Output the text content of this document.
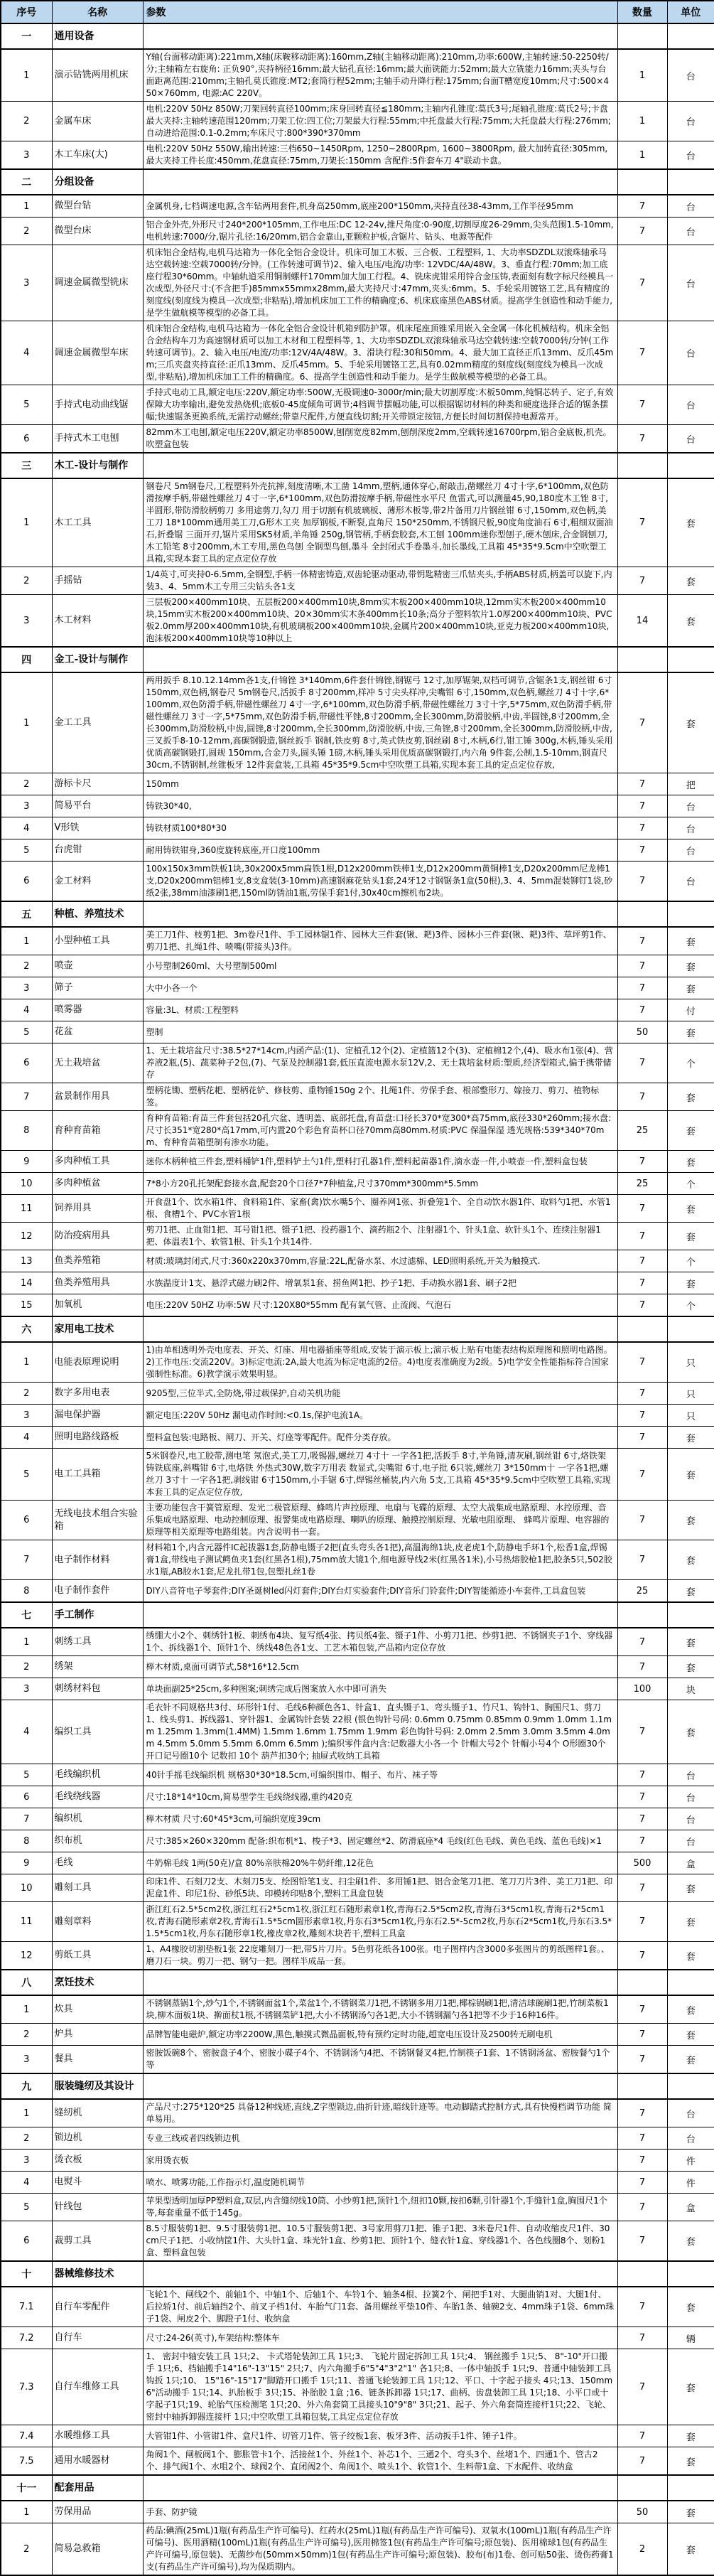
序号	名称	参数	数量	单位
一	通用设备			
1	演示钻铣两用机床	Y轴(台面移动距离):221mm,X轴(床鞍移动距离):160mm,Z轴(主轴移动距离):210mm,功率:600W,主轴转速:50-2250转/分;主轴箱左右旋角: 正负90°,夹持柄径16mm;最大钻孔直径:16mm;最大面铣能力:52mm;最大立铣能力16mm;夹头与台面距离范围:210mm;主轴孔莫氏锥度:MT2;套筒行程52mm;主轴手动升降行程:175mm;台面T槽宽度10mm;尺寸:500×450×760mm, 电源:AC 220V。	1	台
2	金属车床	电机:220V 50Hz 850W;刀架回转直径100mm;床身回转直径≦180mm;主轴内孔锥度:莫氏3号;尾轴孔锥度:莫氏2号;卡盘最大夹持:主轴转速范围120mm;刀架工位:四工位;刀架最大行程:55mm;中托盘最大行程:75mm;大托盘最大行程:276mm;自动进给范围:0.1-0.2mm;车床尺寸:800*390*370mm	1	台
3	木工车床(大)	电机:220V 50Hz 550W,输出转速:三档650~1450Rpm, 1250~2800Rpm, 1600~3800Rpm, 最大加转直径:305mm,最大夹持工件长度:450mm,花盘直径:75mm,刀架长:150mm 含配件:5件套车刀 4"联动卡盘。	1	台
二	分组设备			
1	微型台钻	金属机身,七档调速电源,含车钻两用套件,机身高250mm,底座200*150mm,夹持直径38-43mm,工作半径95mm	7	台
2	微型台床	铝合金外壳,外形尺寸240*200*105mm,工作电压:DC 12-24v,推尺角度:0-90度,切割厚度26-29mm,尖头范围1.5-10mm,电机转速:7000/分,锯片孔径:16/20mm,铝合金靠山,亚颗粒护板,含锯片、钻头、电源等配件	7	台
3	调速金属微型铣床	机床铝合金结构,电机马达箱为一体化全铝合金设计。机床可加工木板、三合板、工程塑料, 1、大功率SDZDL双滚珠轴承马达空载转速:空载7000转/分钟。(工作转速可调节)2、输入电压/电流/功率: 12VDC/4A/48W。3、垂直行程:70mm;加工底座行程30*60mm。中轴轨道采用铜制螺杆170mm加大加工行程。4、铣床虎钳采用锌合金压铸,表面刻有数字标尺经模具一次成型,外径尺寸:(不含把手)85mmx55mmx28mm,最大夹持尺寸:47mm,夹头:6mm。5、手轮采用镀铬工艺,具有精度的刻度线(刻度线为模具一次成型;非粘贴),增加机床加工工件的精确度;6、机床底座黑色ABS材质。提高学生创造性和动手能力,是学生做航模等模型的必备工具。	7	台
4	调速金属微型车床	机床铝合金结构,电机马达箱为一体化全铝合金设计机箱到防护罩。机床尾座顶锥采用嵌入全金属一体化机械结构。机床全铝合金结构车刀为高速钢材质可以加工木材和工程塑料等, 1、大功率SDZDL双滚珠轴承马达空载转速:空载7000转/分钟(工作转速可调节)。2、输入电压/电流/功率:12V/4A/48W。3、滑块行程:30和50mm。4、最大加工直径正爪13mm、反爪45mm;三爪夹盘夹持直径:正爪13mm、反爪45mm。5、手轮采用镀铬工艺,具有0.02mm精度的刻度线(刻度线为模具一次成型,非粘贴),增加机床加工工件的精确度。6、提高学生创造性和动手能力。是学生做航模等模型的必备工具。	7	台
5	手持式电动曲线锯	手持式电动工具,额定电压:220V,额定功率:500W,无极调速0-3000r/min;最大切割厚度:木板50mm,纯铜芯转子、定子,有效保障大功率输出,避免发热烧机;底板0-45度倾角可调节;4档调节摆幅功能,可以根据锯切材料的种类和硬度选择合适的锯条摆幅;快速锯条更换系统,无需拧动螺丝;带靠尺配件,方便直线切割;开关带锁定按钮,方便长时间切割保持电源常开。	7	台
6	手持式木工电刨	82mm木工电刨,额定电压220V,额定功率8500W,刨削宽度82mm,刨削深度2mm,空载转速16700rpm,铝合金底板,机壳。吹塑盒包装	7	台
三	木工-设计与制作			
1	木工工具	钢卷尺 5m钢卷尺,工程塑料外壳抗摔,刻度清晰,木工凿 14mm,塑柄,通体穿心,耐敲击,凿螺丝刀 4寸十字,6*100mm,双色防滑按摩手柄,带磁性螺丝刀 4寸一字,6*100mm,双色防滑按摩手柄,带磁性水平尺 鱼雷式,可以测量45,90,180度木工锉 8寸,半圆形,带防滑胶柄剪刀 多用途剪刀,勾刀 用于切割有机玻璃板、薄形木板等,带2片备用刀片钢丝钳 6寸,150mm,双色柄,美工刀 18*100mm通用美工刀,G形木工夹 加厚钢板,不断裂,直角尺 150*250mm,不锈钢尺板,90度角度油石 6寸,粗细双面油石,折叠锯 三面开刃,锯片采用SK5材质,羊角锤 250g,钢管柄,手柄套胶套,木工刨 100mm迷你型刨子,硬木刨床,合金钢刨刀,木工铅笔 8寸200mm,木工专用,黑色鸟刨 全钢型鸟刨,墨斗 全封闭式手卷墨斗,加长墨线,工具箱 45*35*9.5cm中空吹塑工具箱,实现本套工具的定点定位存放	7	套
2	手摇钻	1/4英寸,可夹持0-6.5mm,全钢型,手柄一体精密铸造,双齿轮驱动驱动,带钥匙精密三爪钻夹头,手柄ABS材质,柄盖可以旋下,内装3、4、5mm木工专用三尖钻头各1支	7	套
3	木工材料	三层板200×400mm10块、五层板200×400mm10块,8mm实木板200×400mm10块,12mm实木板200×400mm10块,15mm实木板200×400mm10块、20×30mm实木条400mm长10条;高分子塑料软片1.0厚200×400mm10块、PVC板2.0mm厚200×400mm10块,有机玻璃板200×400mm10块,金属片200×400mm10块,亚克力板200×400mm10块,泡沫板200×400mm10块等10种以上	14	套
四	金工-设计与制作			
1	金工工具	两用扳手 8.10.12.14mm各1支,什锦锉 3*140mm,6件套什锦锉,钢锯弓 12寸,加厚锯架,双档可调节,含锯条1支,钢丝钳 6寸150mm,双色柄,钢卷尺 5m钢卷尺,活扳手 8寸200mm,样冲 5寸尖头样冲,尖嘴钳 6寸,150mm,双色柄,螺丝刀 4寸十字,6*100mm,双色防滑手柄,带磁性螺丝刀 4寸一字,6*100mm,双色防滑手柄,带磁性螺丝刀 3寸十字,5*75mm,双色防滑手柄,带磁性螺丝刀 3寸一字,5*75mm,双色防滑手柄,带磁性平锉,8寸200mm,全长300mm,防滑胶柄,中齿,半圆锉,8寸200mm,全长300mm,防滑胶柄,中齿,圆锉,8寸200mm,全长300mm,防滑胶柄,中齿,三角锉,8寸200mm,全长300mm,防滑胶柄,中齿,三叉扳手8-10-12mm,高碳钢锻造,钢丝扳手 钢制,铁皮剪 8寸,英式铁皮剪,钢丝刷 8寸,木柄,6行,钳工锤 300g,木柄,锤头采用优质高碳钢锻打,圆规 150mm,合金刀头,圆头锤 1磅,木柄,锤头采用优质高碳钢锻打,内六角 9件套,公制,1.5-10mm,钢直尺 30cm,不锈钢制,丝锥板牙 12件套盒装,工具箱 45*35*9.5cm中空吹塑工具箱,实现本套工具的定点定位存放,	7	套
2	游标卡尺	150mm	7	把
3	简易平台	铸铁30*40,	7	台
4	V形铁	铸铁材质100*80*30	7	台
5	台虎钳	耐用铸铁钳身,360度旋转底座,开口度100mm	7	台
6	金工材料	100x150x3mm铁板1块,30x200x5mm扁铁1根,D12x200mm铁棒1支,D12x200mm黄铜棒1支,D20x200mm尼龙棒1支,D20x200mm铝棒1支,8支盒装(3-10mm)高速钢麻花钻头1套,24牙12寸钢锯条1盒(50根),3、4、5mm混装铆钉1袋,砂纸2张,38mm油漆刷1把,150ml防锈油1瓶,劳保手套1付,30x40cm擦机布2块。	7	台
五	种植、养殖技术			
1	小型种植工具	美工刀1件、枝剪1把、3m卷尺1件、手工园林锯1件、园林大三件套(锹、耙)3件、园林小三件套(锹、耙)3件、草坪剪1件、剪刀1把、扎绳1件、喷嘴(带接头)3件。	7	套
2	喷壶	小号塑制260ml、大号塑制500ml	7	套
3	筛子	大中小各一个	7	套
4	喷雾器	容量:3L、材质:工程塑料	7	付
5	花盆	塑制	50	套
6	无土栽培盆	1、无土栽培盆尺寸:38.5*27*14cm,内函产品:(1)、定植孔12个(2)、定植篮12个(3)、定植棉12个,(4)、吸水布1张(4)、营养液2瓶,(5)、蔬菜种子2包,(7)、气泵及控制器1套,低压直流电源水泵12V,2、无土栽培盆材质:塑质,经济型箱式,偏于携带储存	7	个
7	盆景制作用具	塑柄花锄、塑柄花耙、塑柄花铲、修枝剪、重物锤150g 2个、扎绳1件、劳保手套、根部整形刀、嫁接刀、剪刀、植物标签。	7	套
8	育种育苗箱	育种育苗箱:育苗三件套包括20孔穴盆、透明盖、底部托盘,育苗盘:口径长370*宽300*高75mm,底径330*260mm;接水盘:尺寸长351*宽280*高17mm,可内置20个彩色育苗杯口径70mm高80mm.材质:PVC 保温保湿 透光规格:539*340*70mm、育种育苗箱塑制有渗水功能。	25	套
9	多肉种植工具	迷你木柄种植三件套,塑料桶铲1件,塑料铲土勺1件,塑料打孔器1件,塑料起苗器1件,滴水壶一件,小喷壶一件,塑料盒包装	7	套
10	多肉种植盆	7*8小方20孔托架配套接水盘,配套20个口径7*7种植盆,尺寸370mm*300mm*5.5mm	25	个
11	饲养用具	开食盘1个、饮水箱1件、食料箱1件、家畜(禽)饮水嘴5个、圈养网1张、折叠笼1个、全自动饮水器1件、取料勺1把、水管1根、食槽1个、PVC水管1根	7	套
12	防治疫病用具	剪刀1把、止血钳1把、耳号钳1把、镊子1把、投药器1个、滴药瓶2个、注射器1个、针头1盒、软针头1个、连续注射器1把、体温表1个、软管1根、针头1个共14件.	7	套
13	鱼类养殖箱	材质:玻璃封闭式,尺寸:360x220x370mm,容量:22L,配备水泵、水过滤棉、LED照明系统,开关为触摸式.	7	个
14	鱼类养殖用具	水族温度计1支、悬浮式磁力刷2件、增氧泵1套、捞鱼网1把、抄子1把、手动换水器1套、刷子2把	7	套
15	加氧机	电压:220V 50HZ 功率:5W 尺寸:120X80*55mm 配有氧气管、止流阀、气泡石	7	个
六	家用电工技术			
1	电能表原理说明	1)由单相透明外壳电度表、开关、灯座、用电器插座等组成,安装于演示板上;演示板上贴有电能表结构原理图和照明电路图。2)工作电压:交流220V。3)标定电流:2A,最大电流为标定电流的2倍。4)电度表准确度为2级。5)电学安全性能指标符合国家强制性标准。6)教学演示效果明显。	7	只
2	数字多用电表	9205型,三位半式,全防烧,带过载保护,自动关机功能	7	只
3	漏电保护器	额定电压:220V 50Hz 漏电动作时间:<0.1s,保护电流1A。	7	只
4	照明电路线路板	塑料盒包装:电路板、闸刀、开关、灯座等零配件。配件分类存放。	7	套
5	电工工具箱	5米钢卷尺,电工胶带,测电笔 氖泡式,美工刀,吸锡器,螺丝刀 4寸十 一字各1把,活扳手 8寸,羊角锤,清灰刷,钢丝钳 6寸,烙铁架 铸铁底座,斜嘴钳 6寸,电烙铁 外热式30W,数字万用表 数显式,尖嘴钳 6寸,电子批 6只装,螺丝刀 3*150mm十 一字各1把,螺丝刀 3寸十 一字各1把,剥线钳 6寸150mm,小手锯 6寸,焊锡丝桶装,内六角 5支,工具箱 45*35*9.5cm中空吹塑工具箱,实现本套工具的定点定位存放,	7	套
6	无线电技术组合实验箱	主要功能包含干簧管原理、发光二极管原理、蜂鸣片声控原理、电扇与飞碟的原理、太空大战集成电路原理、水控原理、音乐集成电路原理、电动控制原理、报警集成电路原理、喇叭的原理、触摸控制原理、光敏电阻原理、 蜂鸣片原理、电容器的原理等相关原理等电路组装。内含说明书一套。	7	套
7	电子制作材料	材料箱1个,内含元器件IC起拔器1套,防静电镊子2把(直头弯头各1把),高温海绵1块,皮老虎1个,防静电手环1个,松香1盒,焊锡膏1盒,带线电子测试鳄鱼夹1套(红黑各1根),75mm放大镜1个,细电源导线2米(红黑各1米),小号热熔胶枪1把,胶条5只,502胶水1瓶,AB胶水1套,尼龙扎带1包,包塑扎丝1卷	7	套
8	电子制作套件	DIY八音符电子琴套件;DIY圣诞树led闪灯套件;DIY台灯实验套件;DIY音乐门铃套件;DIY智能循迹小车套件,工具盒包装	25	套
七	手工制作			
1	刺绣工具	绣绷大小2个、刺绣针1板、刺绣布4块、复写纸4张、拷贝纸4张、镊子1件、小剪刀1把、纱剪1把、不锈钢夹子1个、穿线器1个、拆线器1个、顶针1个、绣线48色各1支、工艺木箱包装,产品箱内定位存放	7	套
2	绣架	榉木材质,桌面可调节式,58*16*12.5cm	7	套
3	刺绣材料包	单块面副25*25cm,多种图案;刺绣完成后图案放入水中即可消失	100	块
4	编织工具	毛衣针不同规格共3付、环形针1付、毛线6种颜色各1、针盒1、直头镊子1、弯头镊子1、竹尺1、钩针1、胸围尺1、剪刀1、线头剪1、拆线器1、穿针器1、金属钩针套装 22根 (银色钩针号码: 0.6mm 0.75mm 0.85mm 0.9mm 1.0mm 1.1mm 1.25mm 1.3mm(1.4MM) 1.5mm 1.6mm 1.75mm 1.9mm 彩色钩针号码: 2.0mm 2.5mm 3.0mm 3.5mm 4.0mm 4.5mm 5.0mm 5.5mm 6.0mm 6.5mm );编织零件盒内含:记数器大小各一个 针帽大号2个 针帽小号4个 O形圈30个 开口记号圈10个 记数扣 10个 葫芦扣30个; 抽屉式收纳工具箱	7	套
5	毛线编织机	40针手摇毛线编织机 规格30*30*18.5cm,可编织围巾、帽子、布片、袜子等	7	台
6	毛线绕线器	尺寸:18*14*10cm,简易型学生毛线绕线器,重约420克	7	台
7	编织机	榉木材质 尺寸:60*45*3cm,可编织宽度39cm	7	台
8	织布机	尺寸:385×260×320mm 配备:织布机*1、梭子*3、固定螺丝*2、防滑底座*4 毛线(红色毛线、黄色毛线、蓝色毛线)×1	7	台
9	毛线	牛奶棉毛线 1两(50克)/盒 80%亲肤棉20%牛奶纤维,12花色	500	盒
10	雕刻工具	印床1件、石刻刀2支、木刻刀5支、绘图铅笔1支、扫尘刷1件、多用锤1把、铝合金笔刀1把、笔刀刀片3件、美工刀1把、印泥盒1件、印尼1份、砂纸5块、印模转印贴8个,塑料工具盒包装	7	套
11	雕刻章料	浙江红石2.5*5cm2枚,浙江红石2*5cm1枚,浙江红石随形素章1枚,青海石2.5*5cm2枚,青海石3*5cm1枚,青海石2*5cm1枚,青海石随形素章2枚,青海石1.5*5cm圆形素章1枚,丹东石3*5cm1枚,丹东石2.5*-5cm2枚,丹东石2*5cm1枚,丹东石3.5*1.5*5cm1枚,丹东石随形章1枚,橡皮章2枚,雕刻木块若干,塑料工具盒	7	套
12	剪纸工具	1、A4橡胶切割垫板1张 22度雕刻刀一把,带5片刀片。5色剪花纸各100张。电子图样内含3000多张图片的剪纸图样1套。、磨刀石一块。剪刀一把、钢勺一把。图样半成品一套。	7	套
八	烹饪技术			
1	炊具	不锈钢蒸锅1个,炒勺1个,不锈钢面盆1个,菜盆1个,不锈钢菜刀1把,不锈钢多用刀1把,椰棕锅刷1把,清洁球碗刷1把,竹制菜板1块,柳木面板1块、擀面杖1根,不锈钢菜铲1把,大小不锈钢汤勺各1把,大小不锈钢漏勺各1把等不少于16种16件。	7	套
2	炉具	品牌智能电磁炉,额定功率2200W,黑色,触摸式微晶面板,特有预约定时功能,超宽电压设计及2500转无刷电机	7	套
3	餐具	密胺饭碗8个、密胺盘子4个、密胺小碟子4个、不锈钢汤勺4把、不锈钢餐叉4把,竹制筷子1套、1不锈钢汤盆、密胺餐勺1个等	7	套
九	服装缝纫及其设计			
1	缝纫机	产品尺寸:275*120*25 具备12种线迹,直线,Z字型锁边,曲折针迹,暗线针迹等。电动脚踏式控制方式,具有快慢档调节功能 简单易用。	7	台
2	锁边机	专业三线或者四线锁边机	7	台
3	烫衣板	家用烫衣板	7	件
4	电熨斗	喷水、喷雾功能,工作指示灯,温度随机调节	7	件
5	针线包	苹果型透明加厚PP塑料盒,双层,内含缝纫线10筒、小纱剪1把,顶针1个,纽扣10颗,按扣6颗,引针器1个,手缝针1盒,胸围尺1个等,每套重量不低于145g。	7	盒
6	裁剪工具	8.5寸服装剪1把、9.5寸服装剪1把、10.5寸服装剪1把、3号家用剪刀1把、锥子1把、3米卷尺1件、自动收缩皮尺1件、30cm尺子1把、小收纳筐1件、大头针1盒、珠光针1盒、纱剪1把、顶针1个、缝衣针1盒、穿线器1个、各色线圈8个、划粉1盒、塑料盒包装	7	套
十	器械维修技术			
7.1	自行车零配件	飞轮1个、闸线2个、前轴1个、中轴1个、后轴1个、车铃1个、轴条4根、拉簧2个、闸把手1对、大腿曲销1对、大腿1付、后拉轿1付、前后轴挡2个、前叉子档1付、车胎气门1套、备用螺丝平垫10件、车胎1条、轴碗2支、4mm珠子1袋、6mm珠子1袋、闸皮2个、脚蹬子1付、收纳盒	7	套
7.2	自行车	尺寸:24-26(英寸),车架结构:整体车	7	辆
7.3	自行车维修工具	1、 密封中轴安装工具 1只;2、 卡式塔轮装卸工具 1只;3、 飞轮片固定拆卸工具 1只;4、 钢丝搬手 1只;5、 8"-10"开口搬手 1只;6、档轴搬手14"16"-13"15" 2只;7、内六角搬手6"5"4"3"2"1" 各1只;8、一体中轴扳手 1只;9、普通中轴装卸工具钩扳 1只;10、 15"16"-15"17"脚踏开口搬手 1只;11、普通飞轮装卸工具 1只;12、平口、十字起子接头 4只;13、150mm6"活动搬手 1只;14、扒胎板手 3只;15、补胎胶 1盒 ;16、链条拆卸器 1只;17、曲柄、齿盘装卸工具 1只;18、小平口或十字起子1只;19、轮胎气压检测笔 1只;20、外六角套筒工具接头10"9"8" 3只;21、起子、外六角套筒连接杆1只;22、飞轮、密封中轴拆卸器连接杆 1只;中空吹塑工具箱包装,工具定点定位存放	7	套
7.4	水暖维修工具	大管钳1件、小管钳1件、盒尺1件、切管刀1件、管子绞板1套、板牙3件、活动扳手1件、锤子1件。	7	套
7.5	通用水暖器材	角阀1个、闸板阀1个、膨胀管卡1个、活接丝1个、外丝1个、补芯1个、三通2个、弯头3个、丝堵1个、四通1个、管古2个、排气阀1个、水咀2个、球阀2个、直闭阀2个、角阀1个、喷头1个、软管1个、生料带1盒、下水配件、收纳盒	7	套
十一	配套用品			
1	劳保用品	手套、防护镜	50	套
2	简易急救箱	药品:碘酒(25mL)1瓶(有药品生产许可编号)、红药水(25mL)1瓶(有药品生产许可编号)、双氧水(100mL)1瓶(有药品生产许可编号)、医用酒精(100mL)1瓶(有药品生产许可编号),医用棉签1包(有药品生产许可编号;原包装)、医用棉球1包(有药品生产许可编号,原包装)、无菌纱布(50mm×50mm)1包(有药品生产许可编号;原包装)、胶布(布)1卷、创可贴50张、烫伤药膏1支(有药品生产许可编号),均为保质期内。	2	套
